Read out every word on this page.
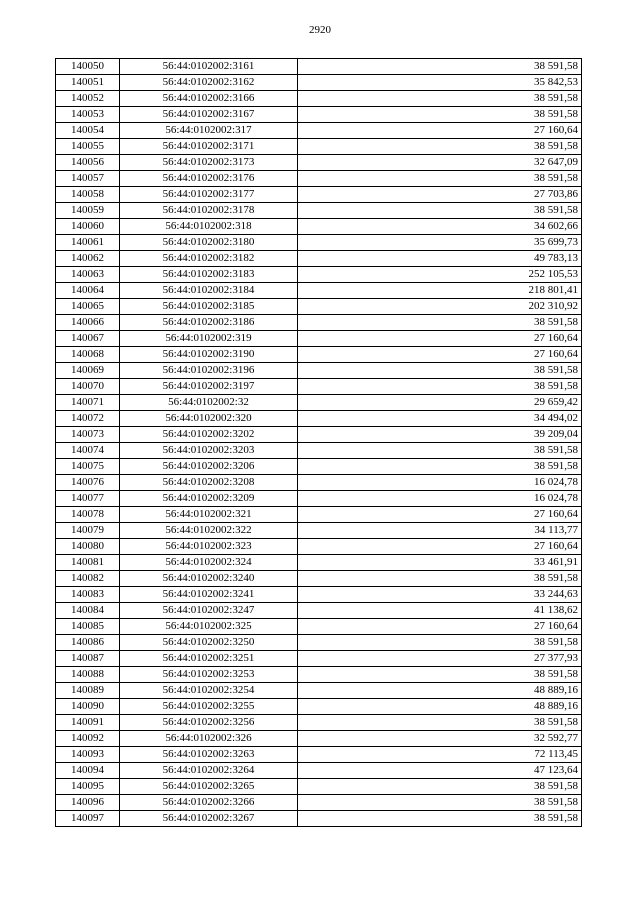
2920
140050	56:44:0102002:3161	38 591,58
140051	56:44:0102002:3162	35 842,53
140052	56:44:0102002:3166	38 591,58
140053	56:44:0102002:3167	38 591,58
140054	56:44:0102002:317	27 160,64
140055	56:44:0102002:3171	38 591,58
140056	56:44:0102002:3173	32 647,09
140057	56:44:0102002:3176	38 591,58
140058	56:44:0102002:3177	27 703,86
140059	56:44:0102002:3178	38 591,58
140060	56:44:0102002:318	34 602,66
140061	56:44:0102002:3180	35 699,73
140062	56:44:0102002:3182	49 783,13
140063	56:44:0102002:3183	252 105,53
140064	56:44:0102002:3184	218 801,41
140065	56:44:0102002:3185	202 310,92
140066	56:44:0102002:3186	38 591,58
140067	56:44:0102002:319	27 160,64
140068	56:44:0102002:3190	27 160,64
140069	56:44:0102002:3196	38 591,58
140070	56:44:0102002:3197	38 591,58
140071	56:44:0102002:32	29 659,42
140072	56:44:0102002:320	34 494,02
140073	56:44:0102002:3202	39 209,04
140074	56:44:0102002:3203	38 591,58
140075	56:44:0102002:3206	38 591,58
140076	56:44:0102002:3208	16 024,78
140077	56:44:0102002:3209	16 024,78
140078	56:44:0102002:321	27 160,64
140079	56:44:0102002:322	34 113,77
140080	56:44:0102002:323	27 160,64
140081	56:44:0102002:324	33 461,91
140082	56:44:0102002:3240	38 591,58
140083	56:44:0102002:3241	33 244,63
140084	56:44:0102002:3247	41 138,62
140085	56:44:0102002:325	27 160,64
140086	56:44:0102002:3250	38 591,58
140087	56:44:0102002:3251	27 377,93
140088	56:44:0102002:3253	38 591,58
140089	56:44:0102002:3254	48 889,16
140090	56:44:0102002:3255	48 889,16
140091	56:44:0102002:3256	38 591,58
140092	56:44:0102002:326	32 592,77
140093	56:44:0102002:3263	72 113,45
140094	56:44:0102002:3264	47 123,64
140095	56:44:0102002:3265	38 591,58
140096	56:44:0102002:3266	38 591,58
140097	56:44:0102002:3267	38 591,58
